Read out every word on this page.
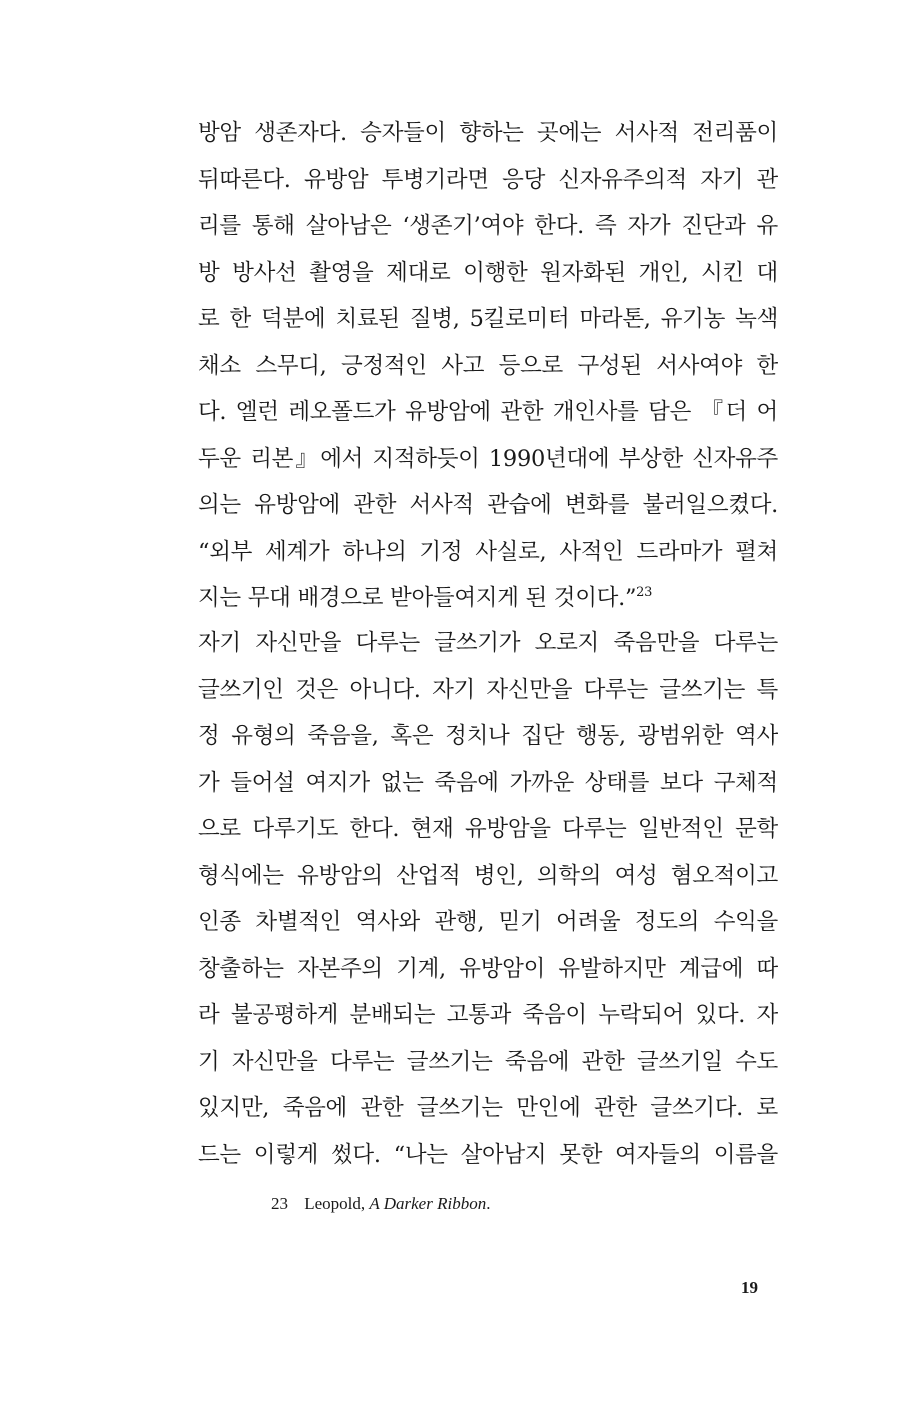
방암 생존자다. 승자들이 향하는 곳에는 서사적 전리품이
뒤따른다. 유방암 투병기라면 응당 신자유주의적 자기 관
리를 통해 살아남은 ‘생존기’여야 한다. 즉 자가 진단과 유
방 방사선 촬영을 제대로 이행한 원자화된 개인, 시킨 대
로 한 덕분에 치료된 질병, 5킬로미터 마라톤, 유기농 녹색
채소 스무디, 긍정적인 사고 등으로 구성된 서사여야 한
다. 엘런 레오폴드가 유방암에 관한 개인사를 담은 『더 어
두운 리본』에서 지적하듯이 1990년대에 부상한 신자유주
의는 유방암에 관한 서사적 관습에 변화를 불러일으켰다.
“외부 세계가 하나의 기정 사실로, 사적인 드라마가 펼쳐
지는 무대 배경으로 받아들여지게 된 것이다.”$^{23}$
자기 자신만을 다루는 글쓰기가 오로지 죽음만을 다루는
글쓰기인 것은 아니다. 자기 자신만을 다루는 글쓰기는 특
정 유형의 죽음을, 혹은 정치나 집단 행동, 광범위한 역사
가 들어설 여지가 없는 죽음에 가까운 상태를 보다 구체적
으로 다루기도 한다. 현재 유방암을 다루는 일반적인 문학
형식에는 유방암의 산업적 병인, 의학의 여성 혐오적이고
인종 차별적인 역사와 관행, 믿기 어려울 정도의 수익을
창출하는 자본주의 기계, 유방암이 유발하지만 계급에 따
라 불공평하게 분배되는 고통과 죽음이 누락되어 있다. 자
기 자신만을 다루는 글쓰기는 죽음에 관한 글쓰기일 수도
있지만, 죽음에 관한 글쓰기는 만인에 관한 글쓰기다. 로
드는 이렇게 썼다. “나는 살아남지 못한 여자들의 이름을
23 Leopold, A Darker Ribbon.
19
